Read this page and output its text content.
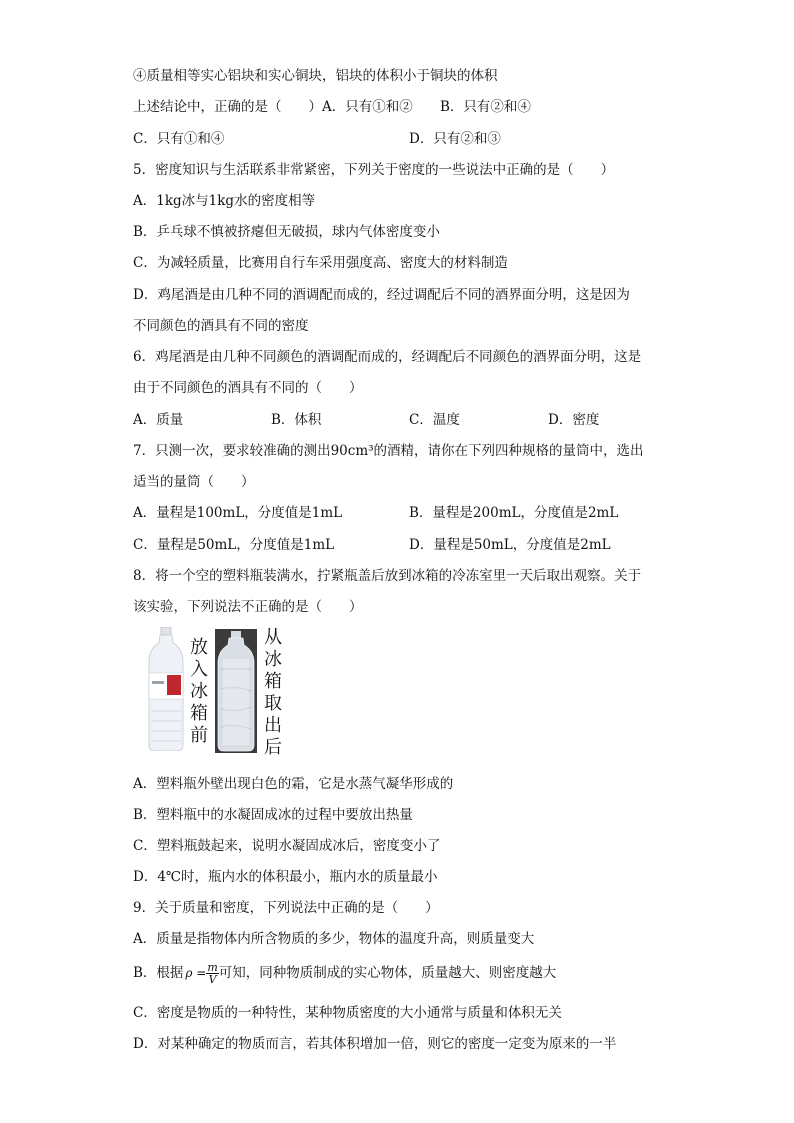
④质量相等实心铝块和实心铜块，铝块的体积小于铜块的体积
上述结论中，正确的是（　　）A．只有①和② B．只有②和④
C．只有①和④	D．只有②和③
5．密度知识与生活联系非常紧密，下列关于密度的一些说法中正确的是（　　）
A．1kg冰与1kg水的密度相等
B．乒乓球不慎被挤瘪但无破损，球内气体密度变小
C．为减轻质量，比赛用自行车采用强度高、密度大的材料制造
D．鸡尾酒是由几种不同的酒调配而成的，经过调配后不同的酒界面分明，这是因为
不同颜色的酒具有不同的密度
6．鸡尾酒是由几种不同颜色的酒调配而成的，经调配后不同颜色的酒界面分明，这是
由于不同颜色的酒具有不同的（　　）
A．质量	B．体积	C．温度	D．密度
7．只测一次，要求较准确的测出90cm³的酒精，请你在下列四种规格的量筒中，选出
适当的量筒（　　）
A．量程是100mL，分度值是1mL	B．量程是200mL，分度值是2mL
C．量程是50mL，分度值是1mL	D．量程是50mL，分度值是2mL
8．将一个空的塑料瓶装满水，拧紧瓶盖后放到冰箱的冷冻室里一天后取出观察。关于
该实验，下列说法不正确的是（　　）
放入冰箱前
从冰箱取出后
A．塑料瓶外壁出现白色的霜，它是水蒸气凝华形成的
B．塑料瓶中的水凝固成冰的过程中要放出热量
C．塑料瓶鼓起来，说明水凝固成冰后，密度变小了
D．4℃时，瓶内水的体积最小，瓶内水的质量最小
9．关于质量和密度，下列说法中正确的是（　　）
A．质量是指物体内所含物质的多少，物体的温度升高，则质量变大
B．根据 $\rho = \frac{m}{V}$ 可知，同种物质制成的实心物体，质量越大、则密度越大
C．密度是物质的一种特性，某种物质密度的大小通常与质量和体积无关
D．对某种确定的物质而言，若其体积增加一倍，则它的密度一定变为原来的一半
